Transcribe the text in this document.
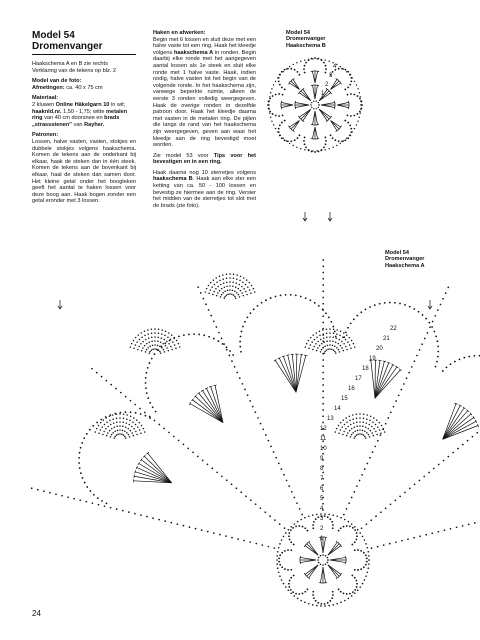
Model 54
Dromenvanger

Haakschema A en B zie rechts
Verklaring van de tekens op blz. 2

Model van de foto:
Afmetingen: ca. 40 x 75 cm

Materiaal:
2 kluwen Online Häkelgarn 10 in wit; haaknld.nr. 1,50 - 1,75; witte metalen ring van 40 cm doorsnee en brads „strassstenen" van Rayher.

Patronen:
Lossen, halve vasten, vasten, stokjes en dubbele stokjes volgens haakschema. Komen de tekens aan de onderkant bij elkaar, haak de steken dan in één steek. Komen de tekens aan de bovenkant bij elkaar, haal de steken dan samen door. Het kleine getal onder het boogteken geeft het aantal te haken lossen voor deze boog aan. Haak bogen zonder een getal eronder met 3 lossen.

Haken en afwerken:
Begin met 6 lossen en sluit deze met een halve vaste tot een ring. Haak het kleedje volgens haakschema A in ronden. Begin daarbij elke ronde met het aangegeven aantal lossen als 1e steek en sluit elke ronde met 1 halve vaste. Haak, indien nodig, halve vasten tot het begin van de volgende ronde. In het haakschema zijn, vanwege beperkte ruimte, alleen de eerste 3 ronden volledig weergegeven. Haak de overige ronden in dezelfde patroon door. Haak het kleedje daarna met vasten in de metalen ring. De pijlen die langs de rand van het haakschema zijn weergegeven, geven aan waar het kleedje aan de ring bevestigd moet worden.

Zie model 53 voor Tips voor het bevestigen en in een ring.

Haak daarna nog 10 sterretjes volgens haakschema B. Haak aan elke ster een ketting van ca. 50 - 100 lossen en bevestig ze hiermee aan de ring. Versier het midden van de sterretjes tot slot met de brads (zie foto).

Model 54
Dromenvanger
Haakschema B
Model 54
Dromenvanger
Haakschema A
1
2
3
4
1
2
3
4
5
6
7
8
9
10
11
12
13
14
15
16
17
18
19
20
21
22
24
